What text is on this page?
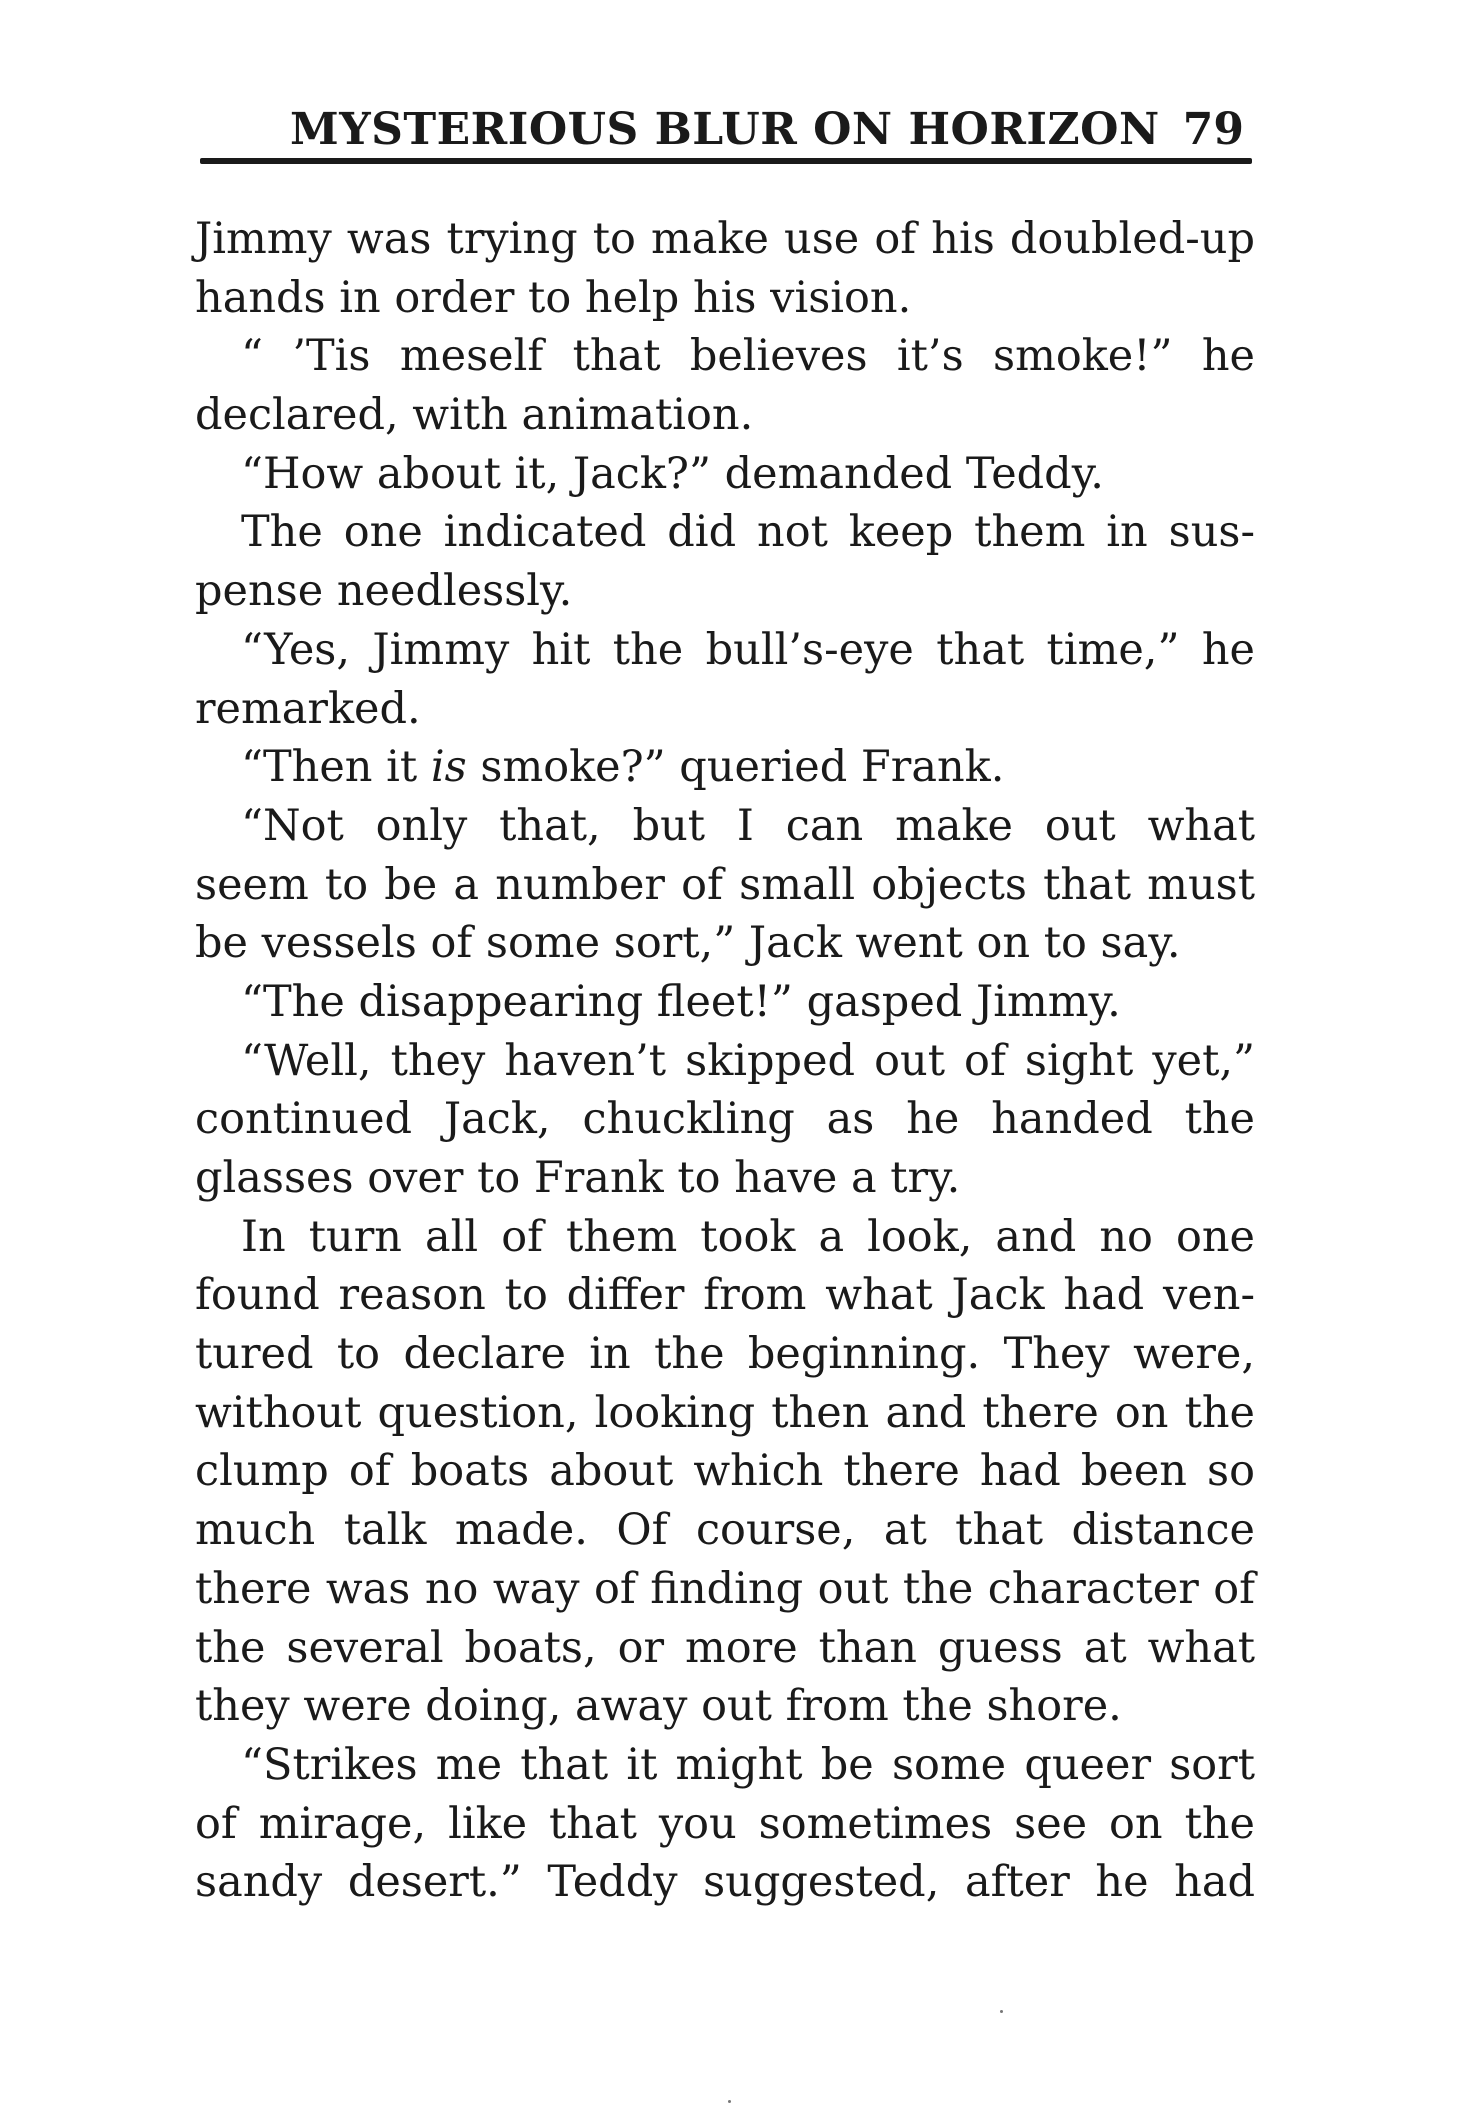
MYSTERIOUS BLUR ON HORIZON 79
Jimmy was trying to make use of his doubled-up
hands in order to help his vision.
“ ’Tis meself that believes it’s smoke!” he
declared, with animation.
“How about it, Jack?” demanded Teddy.
The one indicated did not keep them in sus-
pense needlessly.
“Yes, Jimmy hit the bull’s-eye that time,” he
remarked.
“Then it is smoke?” queried Frank.
“Not only that, but I can make out what
seem to be a number of small objects that must
be vessels of some sort,” Jack went on to say.
“The disappearing fleet!” gasped Jimmy.
“Well, they haven’t skipped out of sight yet,”
continued Jack, chuckling as he handed the
glasses over to Frank to have a try.
In turn all of them took a look, and no one
found reason to differ from what Jack had ven-
tured to declare in the beginning. They were,
without question, looking then and there on the
clump of boats about which there had been so
much talk made. Of course, at that distance
there was no way of finding out the character of
the several boats, or more than guess at what
they were doing, away out from the shore.
“Strikes me that it might be some queer sort
of mirage, like that you sometimes see on the
sandy desert.” Teddy suggested, after he had
